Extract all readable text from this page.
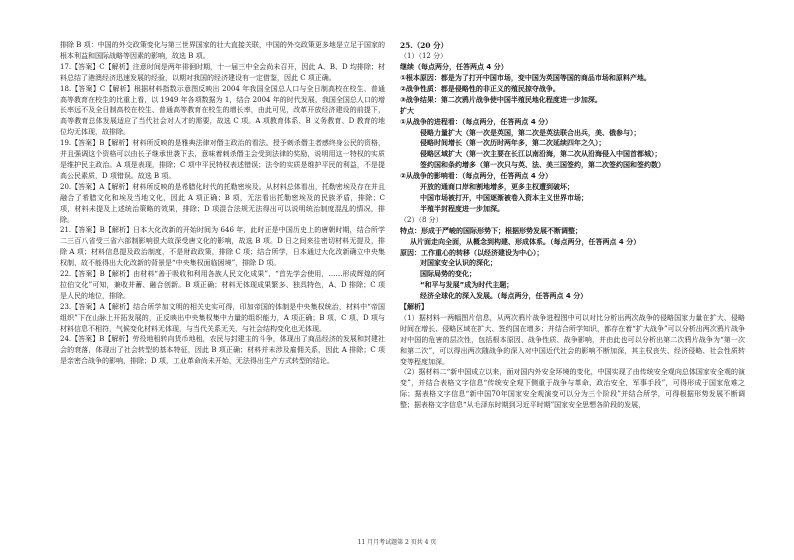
排除 B 项：中国的外交政策变化与第三世界国家的壮大直接关联，中国的外交政策更多地是立足于国家的根本利益和国际战略等因素的影响，故选 B 项。

17.【答案】C【解析】注意时间是两年徘徊时期，十一届三中全会尚未召开，因此 A、B、D 均排除；材料总结了港澳经济迅速发展的经验，以期对我国的经济建设有一定借鉴，因此 C 项正确。

18.【答案】C【解析】根据材料指数示意图反映出 2004 年我国全国总人口与全日制高校在校生、普通高等教育在校生的比重上看，以 1949 年各项数据为 1，结合 2004 年的时代发展，我国全国总人口的增长率远不及全日制高校在校生、普通高等教育在校生的增长率，由此可见，改革开放经济建设的前提下，高等教育总体发展适应了当代社会对人才的需要，故选 C 项。A 项教育体系、B 义务教育、D 教育的地位均无体现，故排除。

19.【答案】B【解析】材料所反映的是雅典法律对僭主政治的看法。授予刺杀僭主者感终身公民的资格，并且强调这个资格可以由长子继承世袭下去，意味着刺杀僭主会受到法律的奖励，说明用这一特权的实质是维护民主政治。A 项是表现，排除；C 项中平民特权表述错误；法令的实质是维护平民的利益，不是提高公民素质，D 项错误。故选 B 项。

20.【答案】A【解析】材料所反映的是希腊化时代的托勒密埃及。从材料总体看出，托勒密埃及存在并且融合了希腊文化和埃及当地文化，因此 A 项正确；B 项，无法看出托勒密埃及的民族矛盾，排除；C 项，材料未提及上述统治策略的效果，排除；D 项混合法规无法得出可以说明统治制度混乱的情况，排除。

21.【答案】B【解析】日本大化改新的开始时间为 646 年，此时正是中国历史上的唐朝时期，结合所学二三百八省受三省六部制影响很大故深受唐文化的影响，故选 B 项。D 日之间来往密切材料无提及，排除 A 项；材料信息提及政治制度，不是财政政策，排除 C 项；结合所学，日本通过大化改新确立中央集权制，故不能得出大化改新的背景是“中央集权面临困境”，排除 D 项。

22.【答案】B【解析】由材料“善于吸收和利用各族人民文化成果”、“首先学会使用，……形成辉煌的阿拉伯文化”可知，兼收并蓄、融合创新。B 项正确；材料无体现成果繁多、独具特色，A、D 排除；C 项是人民的地位，排除。

23.【答案】A【解析】结合所学加文明的相关史实可得，印加帝国的体制是中央集权统治，材料中“帝国组织”下在山脉上开拓发展的，正反映出中央集权集中力量的组织能力，A 项正确；B 项、C 项、D 项与材料信息不相符，气候变化材料无体现，与当代关系无关，与社会结构变化也无体现。

24.【答案】B【解析】劳役地租转向货币地租，农民与封建主的斗争，体现出了商品经济的发展和封建社会的衰落，体现出了社会转型的基本特征，因此 B 项正确；材料并未涉及雇佣关系，因此 A 排除；C 项是亲密合战争的影响，排除；D 项，工业革命尚未开始，无法得出生产方式转型的结论。

25.（20 分）

（1）（12 分）

继续（每点两分，任答两点 4 分）

①根本原因：都是为了打开中国市场，变中国为英国等国的商品市场和原料产地。

②战争性质：都是侵略性的非正义的殖民掠夺战争。

③战争结果：第二次鸦片战争使中国半殖民地化程度进一步加深。

扩大

①从战争的进程看：（每点两分，任答两点 4 分）

侵略力量扩大（第一次是英国，第二次是英法联合出兵，美、俄参与）；

侵略时间增长（第一次历时两年多，第二次延续四年之久）；

侵略区域扩大（第一次主要在长江以南沿海，第二次从沿海侵入中国首都城）；

签约国和条约增多（第一次只与英、法、美三国签约，第二次签约国和签约数）

②从战争的影响看：（每点两分，任答两点 4 分）

开放的通商口岸和割地增多，更多主权遭到破坏；

中国市场被打开，中国逐渐被卷入资本主义世界市场；

半殖半封程度进一步加深。

（2）（8 分）

特点：形成于严峻的国际形势下；根据形势发展不断调整；

从片面走向全面，从概念到构建、形成体系。（每点两分，任答两点 4 分）

原因：工作重心的转移（以经济建设为中心）；

对国家安全认识的深化；

国际局势的变化；

“和平与发展”成为时代主题；

经济全球化的深入发展。（每点两分，任答两点 4 分）

【解析】

（1）据材料一两幅图片信息，从两次鸦片战争进程图中可以对比分析出两次战争的侵略国家力量在扩大、侵略时间在增长、侵略区域在扩大、签约国在增多；并结合所学知识，都存在着“扩大战争”可以分析出两次鸦片战争对中国的危害的层次性，包括根本原因、战争性质、战争影响，并由此也可以分析出第二次鸦片战争为“第一次和第二次”，可以得出两次随战争的深入对中国近代社会的影响不断加深，其主权丧失、经济侵略、社会性质转变等程度加深。

（2）据材料二“新中国成立以来，面对国内外安全环境的变化，中国实现了由传统安全观向总体国家安全观的演变”，并结合表格文字信息“传统安全观下侧重于战争与革命、政治安全，军事手段”，可得形成于国家危难之际；据表格文字信息“新中国70年国家安全观演变可以分为三个阶段”并结合所学，可得根据形势发展不断调整；据表格文字信息“从毛泽东时期到习近平时期”国家安全思想各阶段的发展，

11 月月考试题第 2 页共 4 页
